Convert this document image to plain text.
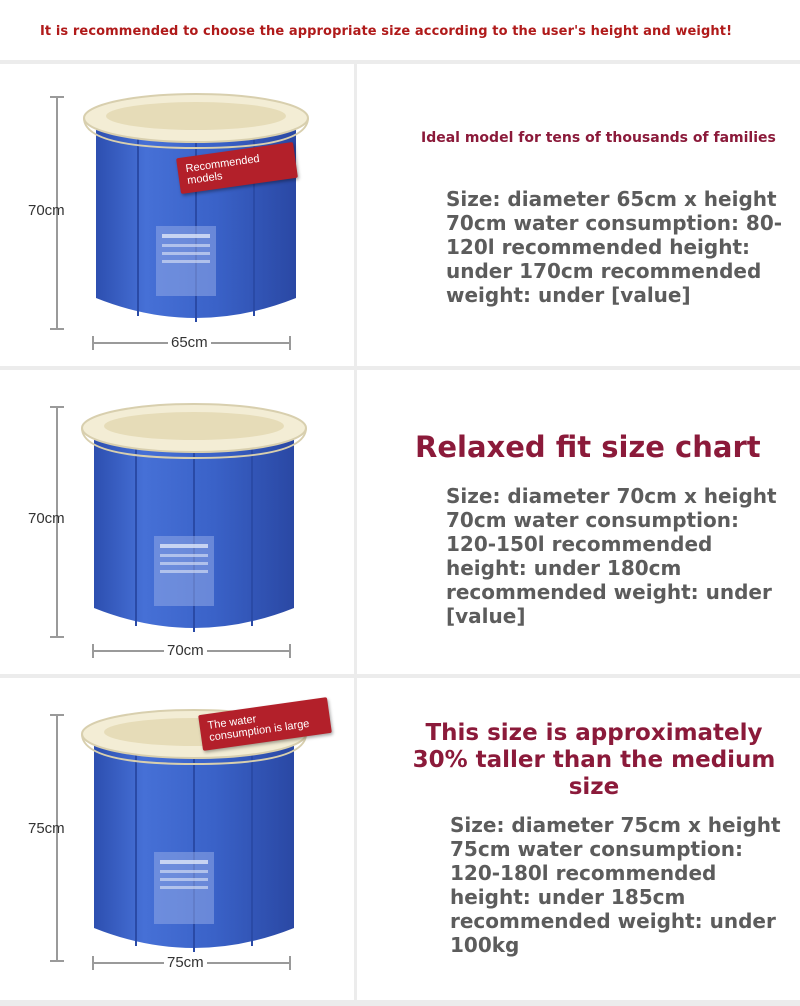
It is recommended to choose the appropriate size according to the user's height and weight!
70cm
Recommended models
65cm
Ideal model for tens of thousands of families
Size: diameter 65cm x height 70cm water consumption: 80-120l recommended height: under 170cm recommended weight: under [value]
70cm
70cm
Relaxed fit size chart
Size: diameter 70cm x height 70cm water consumption: 120-150l recommended height: under 180cm recommended weight: under [value]
75cm
The water consumption is large
75cm
This size is approximately 30% taller than the medium size
Size: diameter 75cm x height 75cm water consumption: 120-180l recommended height: under 185cm recommended weight: under 100kg
